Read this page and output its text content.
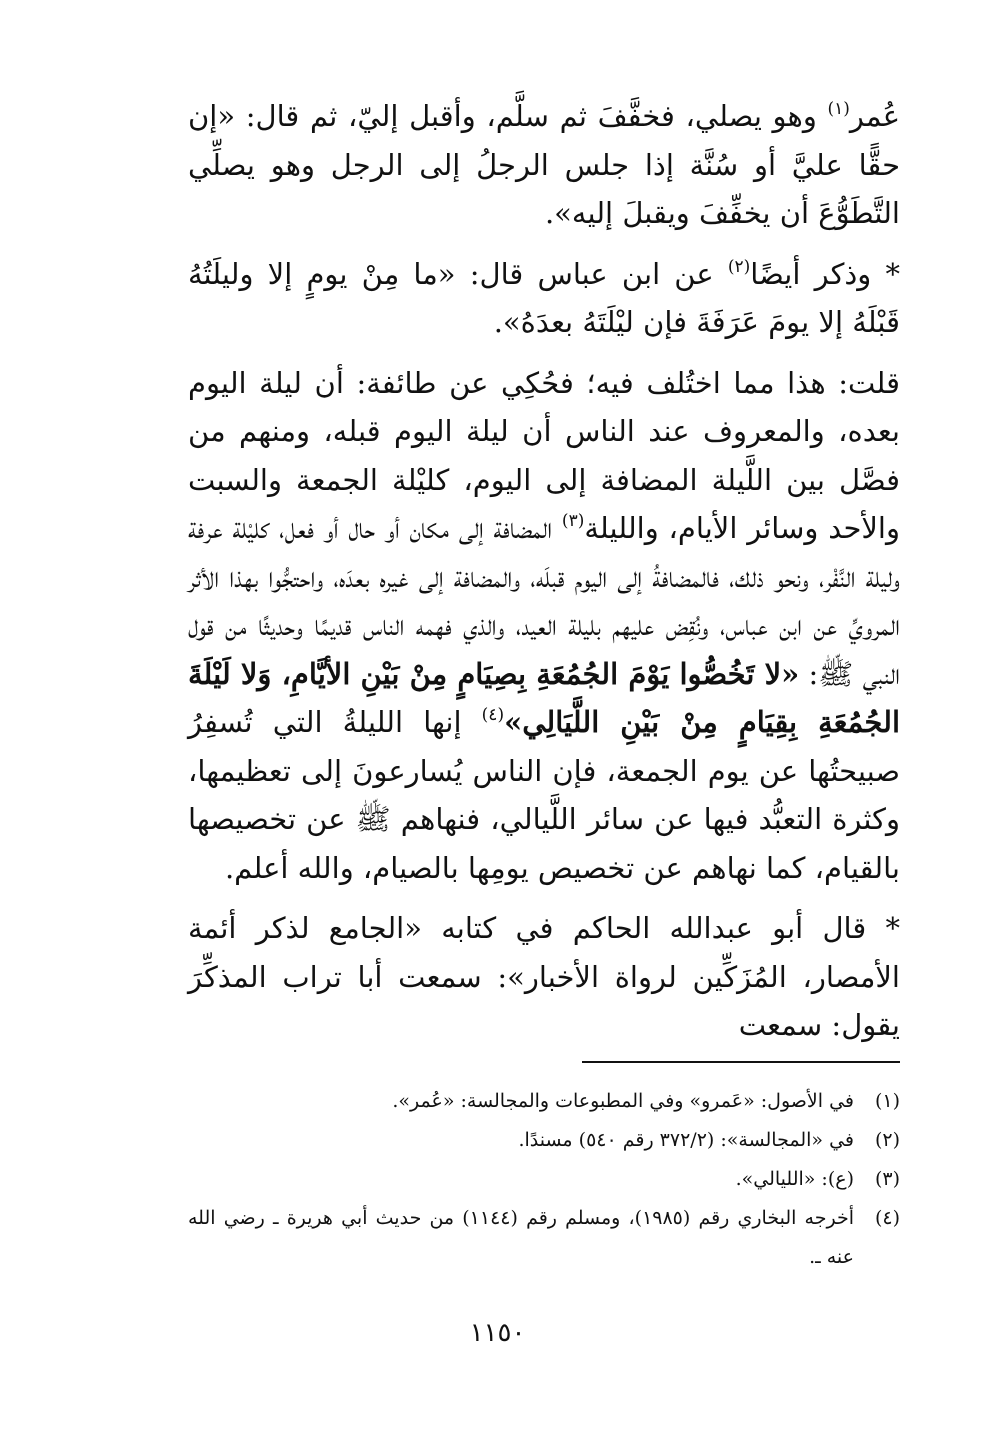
عُمر$^{(١)}$ وهو يصلي، فخفَّفَ ثم سلَّم، وأقبل إليّ، ثم قال: «إن حقًّا عليَّ أو سُنَّة إذا جلس الرجلُ إلى الرجل وهو يصلِّي التَّطَوُّعَ أن يخفِّفَ ويقبلَ إليه».

* وذكر أيضًا$^{(٢)}$ عن ابن عباس قال: «ما مِنْ يومٍ إلا وليلَتُهُ قَبْلَهُ إلا يومَ عَرَفَةَ فإن ليْلَتَهُ بعدَهُ».

قلت: هذا مما اختُلف فيه؛ فحُكِي عن طائفة: أن ليلة اليوم بعده، والمعروف عند الناس أن ليلة اليوم قبله، ومنهم من فصَّل بين اللَّيلة المضافة إلى اليوم، كليْلة الجمعة والسبت والأحد وسائر الأيام، والليلة$^{(٣)}$ المضافة إلى مكان أو حال أو فعل، كليْلة عرفة وليلة النَّفْر، ونحو ذلك، فالمضافةُ إلى اليوم قبلَه، والمضافة إلى غيره بعدَه، واحتجُّوا بهذا الأثر المرويِّ عن ابن عباس، ونُقِض عليهم بليلة العيد، والذي فهمه الناس قديمًا وحديثًا من قول النبي ﷺ: «لا تَخُصُّوا يَوْمَ الجُمُعَةِ بِصِيَامٍ مِنْ بَيْنِ الأيَّامِ، وَلا لَيْلَةَ الجُمُعَةِ بِقِيَامٍ مِنْ بَيْنِ اللَّيَالِي»$^{(٤)}$ إنها الليلةُ التي تُسفِرُ صبيحتُها عن يوم الجمعة، فإن الناس يُسارعونَ إلى تعظيمها، وكثرة التعبُّد فيها عن سائر اللَّيالي، فنهاهم ﷺ عن تخصيصها بالقيام، كما نهاهم عن تخصيص يومِها بالصيام، والله أعلم.

* قال أبو عبدالله الحاكم في كتابه «الجامع لذكر أئمة الأمصار، المُزَكِّين لرواة الأخبار»: سمعت أبا تراب المذكِّرَ يقول: سمعت

(١)
في الأصول: «عَمرو» وفي المطبوعات والمجالسة: «عُمر».
(٢)
في «المجالسة»: (٣٧٢/٢ رقم ٥٤٠) مسندًا.
(٣)
(ع): «الليالي».
(٤)
أخرجه البخاري رقم (١٩٨٥)، ومسلم رقم (١١٤٤) من حديث أبي هريرة ـ رضي الله عنه ـ.
١١٥٠
